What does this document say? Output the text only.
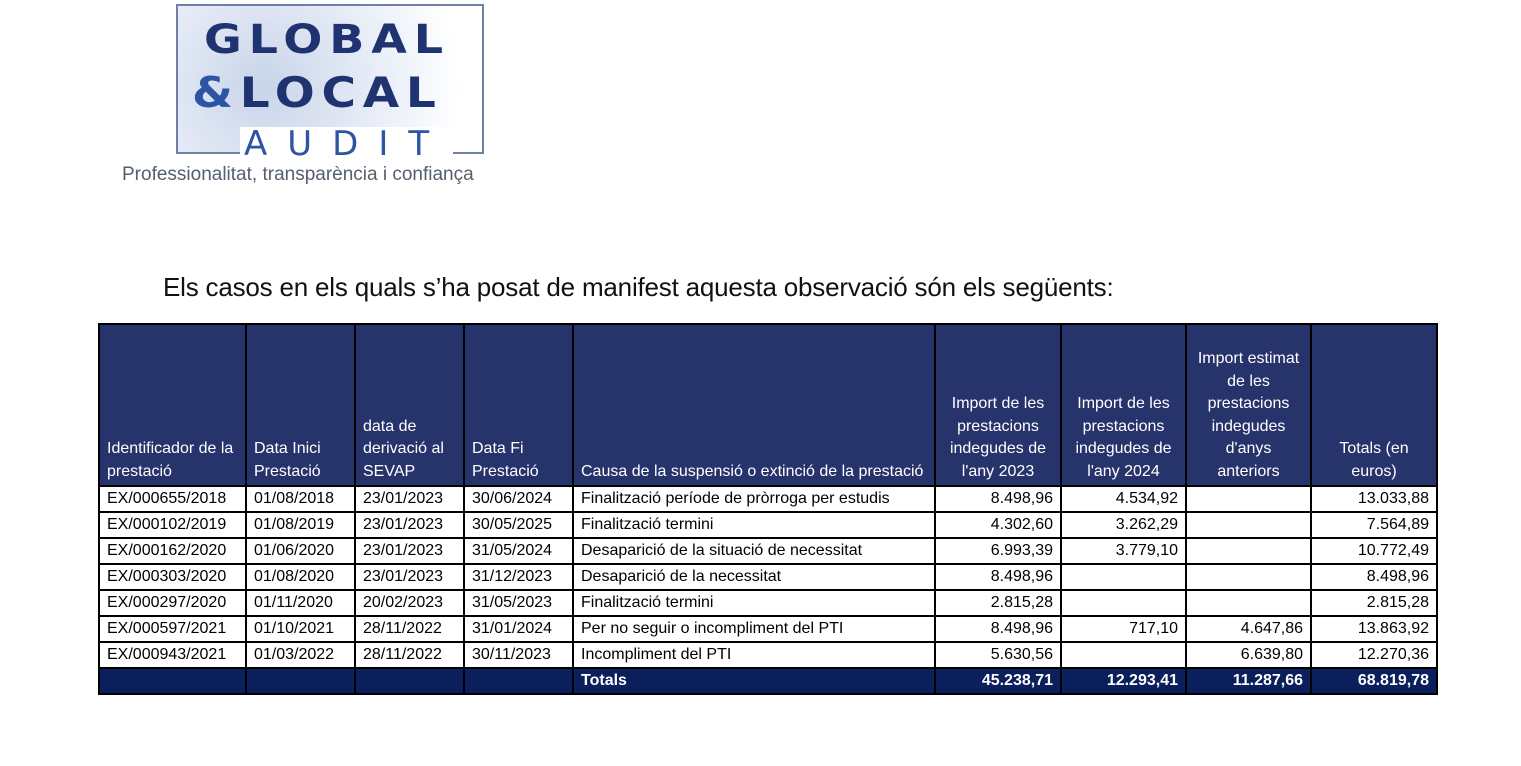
GLOBAL
&LOCAL
AUDIT
Professionalitat, transparència i confiança
Els casos en els quals s’ha posat de manifest aquesta observació són els següents:
Identificador de la prestació	Data Inici Prestació	data de derivació al SEVAP	Data Fi Prestació	Causa de la suspensió o extinció de la prestació	Import de les prestacions indegudes de l'any 2023	Import de les prestacions indegudes de l'any 2024	Import estimat de les prestacions indegudes d'anys anteriors	Totals (en euros)
EX/000655/2018	01/08/2018	23/01/2023	30/06/2024	Finalització període de pròrroga per estudis	8.498,96	4.534,92		13.033,88
EX/000102/2019	01/08/2019	23/01/2023	30/05/2025	Finalització termini	4.302,60	3.262,29		7.564,89
EX/000162/2020	01/06/2020	23/01/2023	31/05/2024	Desaparició de la situació de necessitat	6.993,39	3.779,10		10.772,49
EX/000303/2020	01/08/2020	23/01/2023	31/12/2023	Desaparició de la necessitat	8.498,96			8.498,96
EX/000297/2020	01/11/2020	20/02/2023	31/05/2023	Finalització termini	2.815,28			2.815,28
EX/000597/2021	01/10/2021	28/11/2022	31/01/2024	Per no seguir o incompliment del PTI	8.498,96	717,10	4.647,86	13.863,92
EX/000943/2021	01/03/2022	28/11/2022	30/11/2023	Incompliment del PTI	5.630,56		6.639,80	12.270,36
				Totals	45.238,71	12.293,41	11.287,66	68.819,78
